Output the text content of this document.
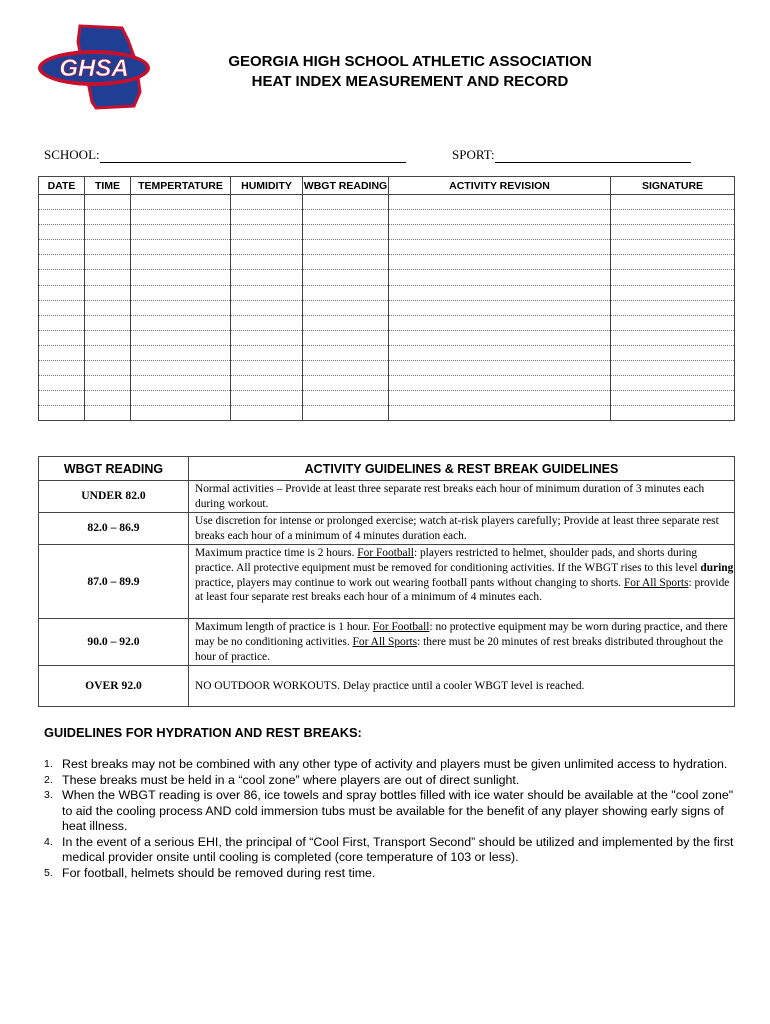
GHSA	GEORGIA HIGH SCHOOL ATHLETIC ASSOCIATION
HEAT INDEX MEASUREMENT AND RECORD
SCHOOL:	SPORT:
DATE	TIME	TEMPERTATURE	HUMIDITY	WBGT READING	ACTIVITY REVISION	SIGNATURE

WBGT READING	ACTIVITY GUIDELINES & REST BREAK GUIDELINES
UNDER 82.0	Normal activities – Provide at least three separate rest breaks each hour of minimum duration of 3 minutes each during workout.
82.0 – 86.9	Use discretion for intense or prolonged exercise; watch at-risk players carefully; Provide at least three separate rest breaks each hour of a minimum of 4 minutes duration each.
87.0 – 89.9	Maximum practice time is 2 hours. For Football: players restricted to helmet, shoulder pads, and shorts during practice. All protective equipment must be removed for conditioning activities. If the WBGT rises to this level during practice, players may continue to work out wearing football pants without changing to shorts. For All Sports: provide at least four separate rest breaks each hour of a minimum of 4 minutes each.
90.0 – 92.0	Maximum length of practice is 1 hour. For Football: no protective equipment may be worn during practice, and there may be no conditioning activities. For All Sports: there must be 20 minutes of rest breaks distributed throughout the hour of practice.
OVER 92.0	NO OUTDOOR WORKOUTS. Delay practice until a cooler WBGT level is reached.
GUIDELINES FOR HYDRATION AND REST BREAKS:
1. Rest breaks may not be combined with any other type of activity and players must be given unlimited access to hydration.
2. These breaks must be held in a “cool zone” where players are out of direct sunlight.
3. When the WBGT reading is over 86, ice towels and spray bottles filled with ice water should be available at the "cool zone" to aid the cooling process AND cold immersion tubs must be available for the benefit of any player showing early signs of heat illness.
4. In the event of a serious EHI, the principal of “Cool First, Transport Second” should be utilized and implemented by the first medical provider onsite until cooling is completed (core temperature of 103 or less).
5. For football, helmets should be removed during rest time.
